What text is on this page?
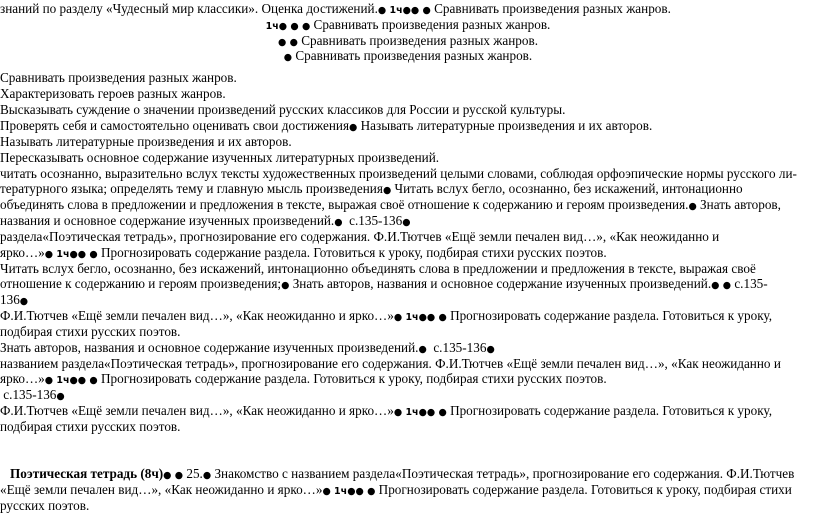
знаний по разделу «Чудесный мир классики». Оценка достижений.● 1ч●● ● Сравнивать произведения разных жанров.
1ч● ● ● Сравнивать произведения разных жанров.
● ● Сравнивать произведения разных жанров.
● Сравнивать произведения разных жанров.
Сравнивать произведения разных жанров.
Характеризовать героев разных жанров.
Высказывать суждение о значении произведений русских классиков для России и русской культуры.
Проверять себя и самостоятельно оценивать свои достижения● Называть литературные произведения и их авторов.
Называть литературные произведения и их авторов.
Пересказывать основное содержание изученных литературных произведений.
читать осознанно, выразительно вслух тексты художественных произведений целыми словами, соблюдая орфоэпические нормы русского ли-
тературного языка; определять тему и главную мысль произведения● Читать вслух бегло, осознанно, без искажений, интонационно
объединять слова в предложении и предложения в тексте, выражая своё отношение к содержанию и героям произведения.● Знать авторов,
названия и основное содержание изученных произведений.● с.135-136●
раздела«Поэтическая тетрадь», прогнозирование его содержания. Ф.И.Тютчев «Ещё земли печален вид…», «Как неожиданно и
ярко…»● 1ч●● ● Прогнозировать содержание раздела. Готовиться к уроку, подбирая стихи русских поэтов.
Читать вслух бегло, осознанно, без искажений, интонационно объединять слова в предложении и предложения в тексте, выражая своё
отношение к содержанию и героям произведения;● Знать авторов, названия и основное содержание изученных произведений.● ● с.135-
136●
Ф.И.Тютчев «Ещё земли печален вид…», «Как неожиданно и ярко…»● 1ч●● ● Прогнозировать содержание раздела. Готовиться к уроку,
подбирая стихи русских поэтов.
Знать авторов, названия и основное содержание изученных произведений.● с.135-136●
названием раздела«Поэтическая тетрадь», прогнозирование его содержания. Ф.И.Тютчев «Ещё земли печален вид…», «Как неожиданно и
ярко…»● 1ч●● ● Прогнозировать содержание раздела. Готовиться к уроку, подбирая стихи русских поэтов.
с.135-136●
Ф.И.Тютчев «Ещё земли печален вид…», «Как неожиданно и ярко…»● 1ч●● ● Прогнозировать содержание раздела. Готовиться к уроку,
подбирая стихи русских поэтов.
Поэтическая тетрадь (8ч)● ● 25.● Знакомство с названием раздела«Поэтическая тетрадь», прогнозирование его содержания. Ф.И.Тютчев
«Ещё земли печален вид…», «Как неожиданно и ярко…»● 1ч●● ● Прогнозировать содержание раздела. Готовиться к уроку, подбирая стихи
русских поэтов.
